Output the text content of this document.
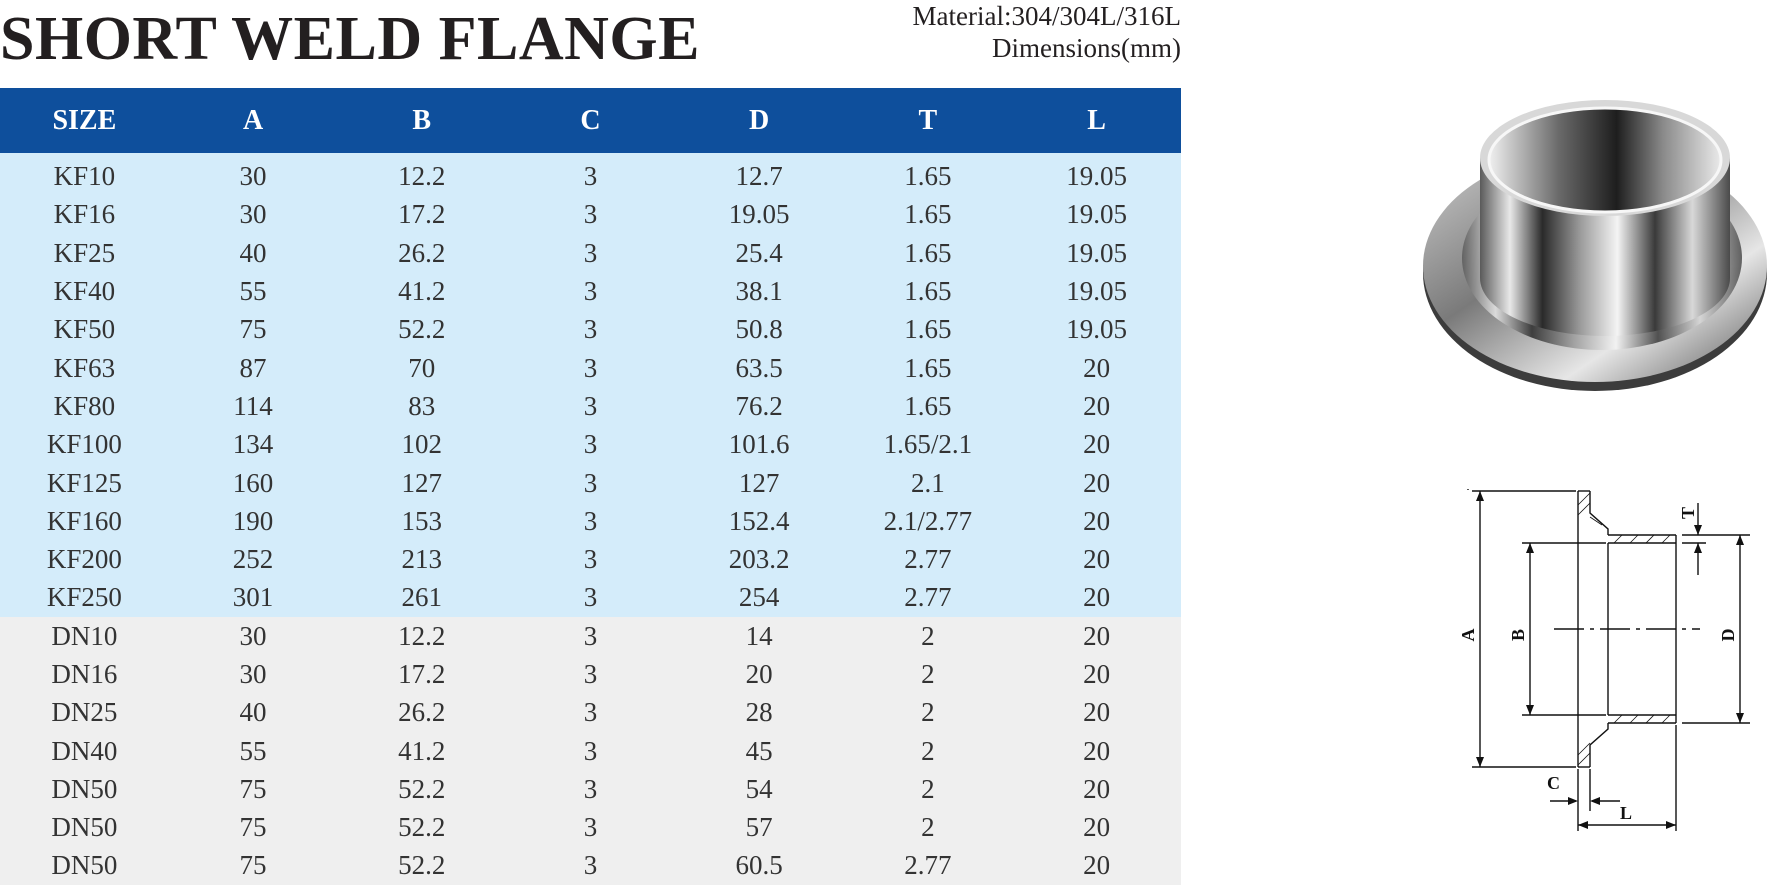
SHORT WELD FLANGE	Material:304/304L/316L
Dimensions(mm)
SIZE	A	B	C	D	T	L
KF10	30	12.2	3	12.7	1.65	19.05
KF16	30	17.2	3	19.05	1.65	19.05
KF25	40	26.2	3	25.4	1.65	19.05
KF40	55	41.2	3	38.1	1.65	19.05
KF50	75	52.2	3	50.8	1.65	19.05
KF63	87	70	3	63.5	1.65	20
KF80	114	83	3	76.2	1.65	20
KF100	134	102	3	101.6	1.65/2.1	20
KF125	160	127	3	127	2.1	20
KF160	190	153	3	152.4	2.1/2.77	20
KF200	252	213	3	203.2	2.77	20
KF250	301	261	3	254	2.77	20
DN10	30	12.2	3	14	2	20
DN16	30	17.2	3	20	2	20
DN25	40	26.2	3	28	2	20
DN40	55	41.2	3	45	2	20
DN50	75	52.2	3	54	2	20
DN50	75	52.2	3	57	2	20
DN50	75	52.2	3	60.5	2.77	20
A B	D
T
C
L
